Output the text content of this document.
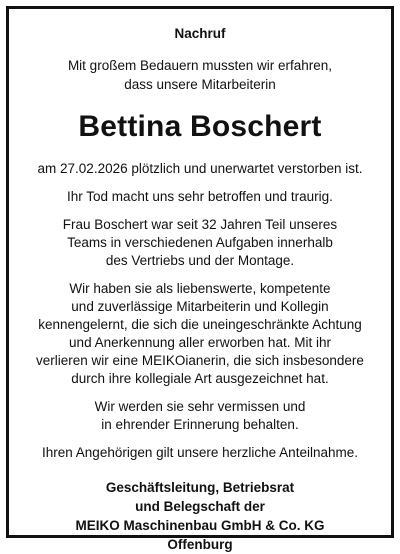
Nachruf
Mit großem Bedauern mussten wir erfahren,
dass unsere Mitarbeiterin
Bettina Boschert
am 27.02.2026 plötzlich und unerwartet verstorben ist.
Ihr Tod macht uns sehr betroffen und traurig.
Frau Boschert war seit 32 Jahren Teil unseres
Teams in verschiedenen Aufgaben innerhalb
des Vertriebs und der Montage.
Wir haben sie als liebenswerte, kompetente
und zuverlässige Mitarbeiterin und Kollegin
kennengelernt, die sich die uneingeschränkte Achtung
und Anerkennung aller erworben hat. Mit ihr
verlieren wir eine MEIKOianerin, die sich insbesondere
durch ihre kollegiale Art ausgezeichnet hat.
Wir werden sie sehr vermissen und
in ehrender Erinnerung behalten.
Ihren Angehörigen gilt unsere herzliche Anteilnahme.
Geschäftsleitung, Betriebsrat
und Belegschaft der
MEIKO Maschinenbau GmbH & Co. KG
Offenburg
